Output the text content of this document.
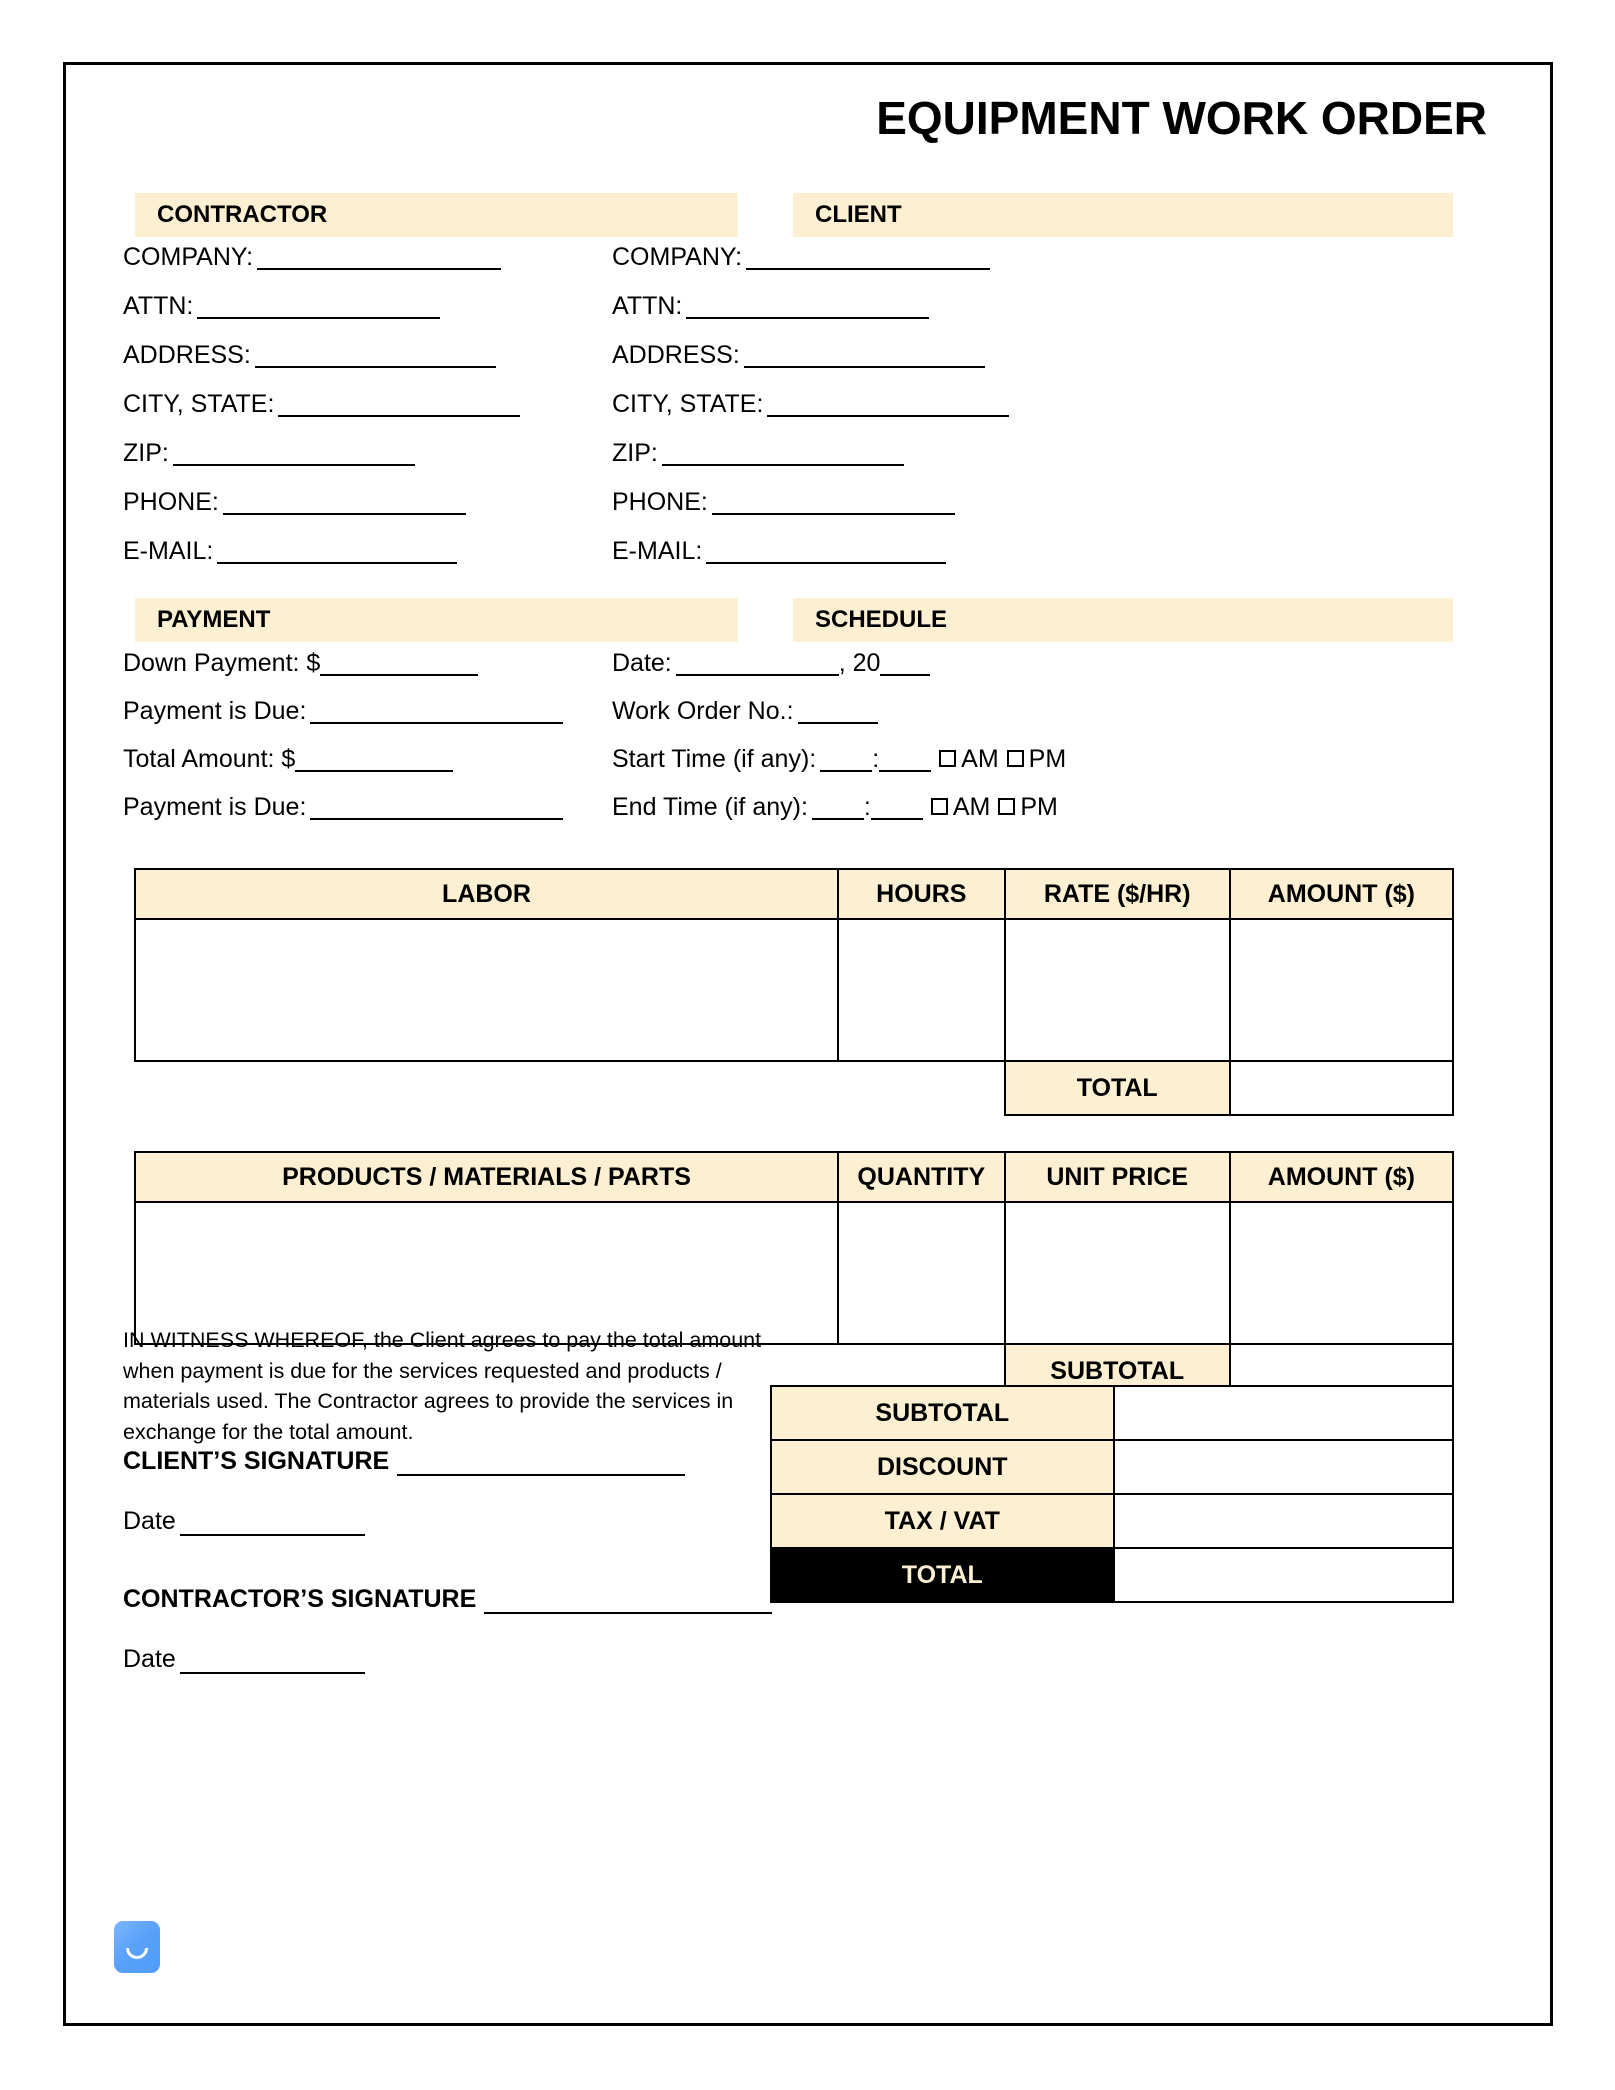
EQUIPMENT WORK ORDER
CONTRACTOR
COMPANY:
ATTN:
ADDRESS:
CITY, STATE:
ZIP:
PHONE:
E-MAIL:
CLIENT
COMPANY:
ATTN:
ADDRESS:
CITY, STATE:
ZIP:
PHONE:
E-MAIL:
PAYMENT
Down Payment: $
Payment is Due:
Total Amount: $
Payment is Due:
SCHEDULE
Date:	, 20
Work Order No.:
Start Time (if any): :	AM PM
End Time (if any): :	AM PM
LABOR	HOURS	RATE ($/HR)	AMOUNT ($)

		TOTAL	
PRODUCTS / MATERIALS / PARTS	QUANTITY	UNIT PRICE	AMOUNT ($)

		SUBTOTAL	
SUBTOTAL	
DISCOUNT	
TAX / VAT	
TOTAL	
IN WITNESS WHEREOF, the Client agrees to pay the total amount when payment is due for the services requested and products / materials used. The Contractor agrees to provide the services in exchange for the total amount.
CLIENT’S SIGNATURE
Date
CONTRACTOR’S SIGNATURE
Date
